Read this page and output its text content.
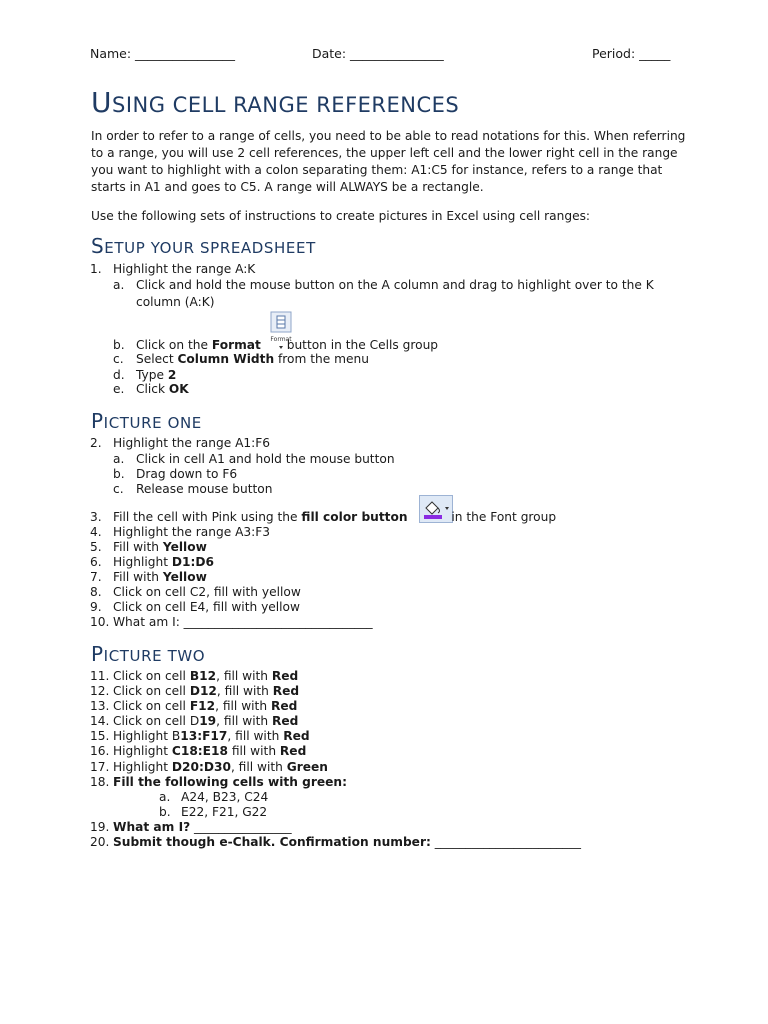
Name: ________________	Date: _______________	Period: _____
USING CELL RANGE REFERENCES

In order to refer to a range of cells, you need to be able to read notations for this. When referring to a range, you will use 2 cell references, the upper left cell and the lower right cell in the range you want to highlight with a colon separating them: A1:C5 for instance, refers to a range that starts in A1 and goes to C5. A range will ALWAYS be a rectangle.

Use the following sets of instructions to create pictures in Excel using cell ranges:

SETUP YOUR SPREADSHEET
1. Highlight the range A:K
a. Click and hold the mouse button on the A column and drag to highlight over to the K
column (A:K)
Format
b. Click on the Format button in the Cells group
c. Select Column Width from the menu
d. Type 2
e. Click OK
PICTURE ONE
2. Highlight the range A1:F6
a. Click in cell A1 and hold the mouse button
b. Drag down to F6
c. Release mouse button
3. Fill the cell with Pink using the fill color button	in the Font group
4. Highlight the range A3:F3
5. Fill with Yellow
6. Highlight D1:D6
7. Fill with Yellow
8. Click on cell C2, fill with yellow
9. Click on cell E4, fill with yellow
10. What am I: _______________________________
PICTURE TWO
11. Click on cell B12, fill with Red
12. Click on cell D12, fill with Red
13. Click on cell F12, fill with Red
14. Click on cell D19, fill with Red
15. Highlight B13:F17, fill with Red
16. Highlight C18:E18 fill with Red
17. Highlight D20:D30, fill with Green
18. Fill the following cells with green:
a. A24, B23, C24
b. E22, F21, G22
19. What am I? ________________
20. Submit though e-Chalk. Confirmation number: ________________________
